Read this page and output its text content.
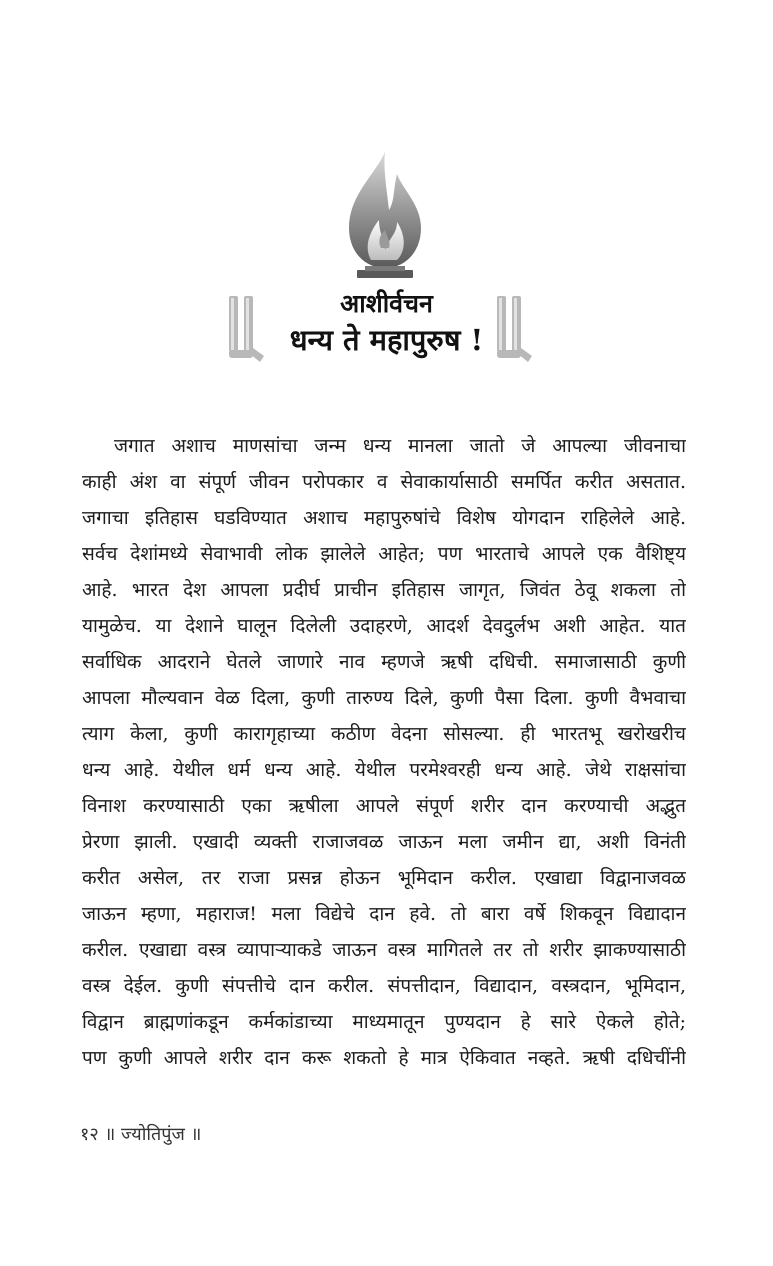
आशीर्वचन
धन्य ते महापुरुष !
जगात अशाच माणसांचा जन्म धन्य मानला जातो जे आपल्या जीवनाचा
काही अंश वा संपूर्ण जीवन परोपकार व सेवाकार्यासाठी समर्पित करीत असतात.
जगाचा इतिहास घडविण्यात अशाच महापुरुषांचे विशेष योगदान राहिलेले आहे.
सर्वच देशांमध्ये सेवाभावी लोक झालेले आहेत; पण भारताचे आपले एक वैशिष्ट्य
आहे. भारत देश आपला प्रदीर्घ प्राचीन इतिहास जागृत, जिवंत ठेवू शकला तो
यामुळेच. या देशाने घालून दिलेली उदाहरणे, आदर्श देवदुर्लभ अशी आहेत. यात
सर्वाधिक आदराने घेतले जाणारे नाव म्हणजे ऋषी दधिची. समाजासाठी कुणी
आपला मौल्यवान वेळ दिला, कुणी तारुण्य दिले, कुणी पैसा दिला. कुणी वैभवाचा
त्याग केला, कुणी कारागृहाच्या कठीण वेदना सोसल्या. ही भारतभू खरोखरीच
धन्य आहे. येथील धर्म धन्य आहे. येथील परमेश्वरही धन्य आहे. जेथे राक्षसांचा
विनाश करण्यासाठी एका ऋषीला आपले संपूर्ण शरीर दान करण्याची अद्भुत
प्रेरणा झाली. एखादी व्यक्ती राजाजवळ जाऊन मला जमीन द्या, अशी विनंती
करीत असेल, तर राजा प्रसन्न होऊन भूमिदान करील. एखाद्या विद्वानाजवळ
जाऊन म्हणा, महाराज! मला विद्येचे दान हवे. तो बारा वर्षे शिकवून विद्यादान
करील. एखाद्या वस्त्र व्यापाऱ्याकडे जाऊन वस्त्र मागितले तर तो शरीर झाकण्यासाठी
वस्त्र देईल. कुणी संपत्तीचे दान करील. संपत्तीदान, विद्यादान, वस्त्रदान, भूमिदान,
विद्वान ब्राह्मणांकडून कर्मकांडाच्या माध्यमातून पुण्यदान हे सारे ऐकले होते;
पण कुणी आपले शरीर दान करू शकतो हे मात्र ऐकिवात नव्हते. ऋषी दधिचींनी
१२ ॥ ज्योतिपुंज ॥
